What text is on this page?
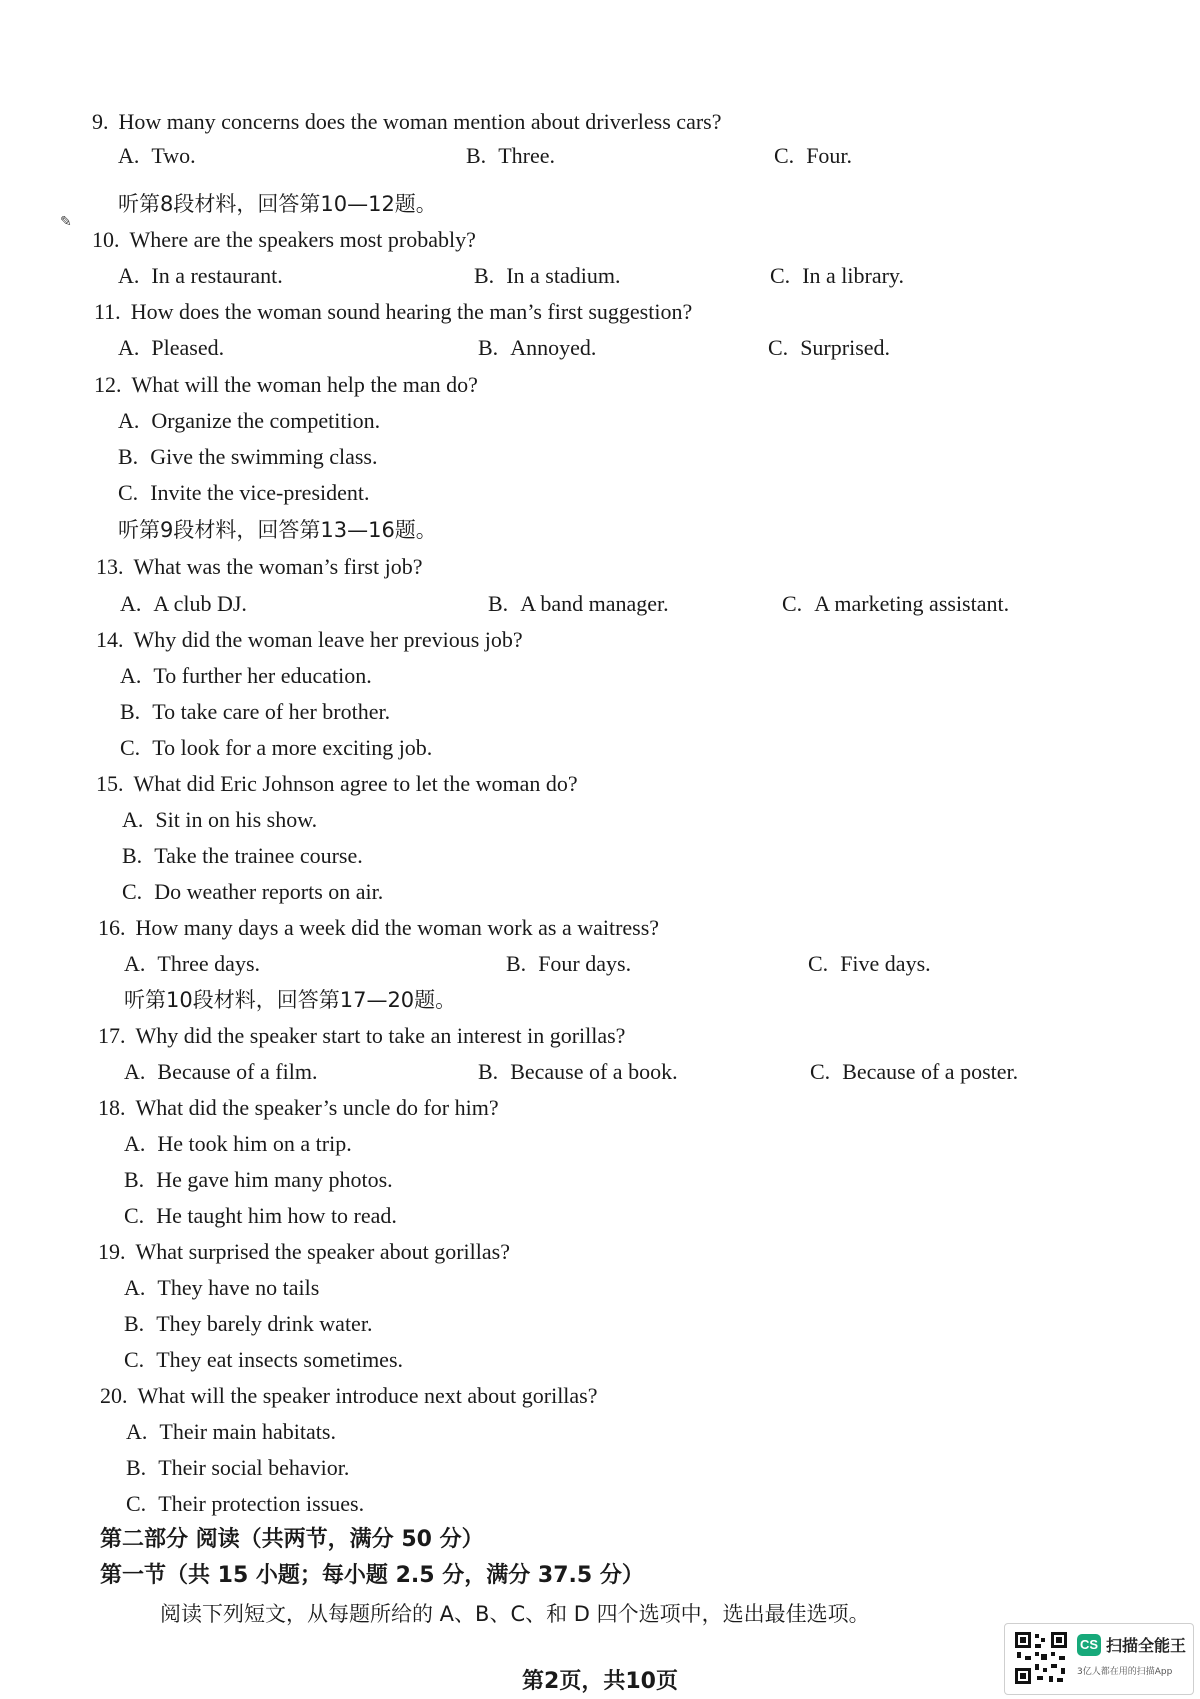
✎
9. How many concerns does the woman mention about driverless cars?
A. Two.	B. Three.	C. Four.
听第8段材料，回答第10—12题。
10. Where are the speakers most probably?
A. In a restaurant.	B. In a stadium.	C. In a library.
11. How does the woman sound hearing the man’s first suggestion?
A. Pleased.	B. Annoyed.	C. Surprised.
12. What will the woman help the man do?
A. Organize the competition.
B. Give the swimming class.
C. Invite the vice-president.
听第9段材料，回答第13—16题。
13. What was the woman’s first job?
A. A club DJ.	B. A band manager.	C. A marketing assistant.
14. Why did the woman leave her previous job?
A. To further her education.
B. To take care of her brother.
C. To look for a more exciting job.
15. What did Eric Johnson agree to let the woman do?
A. Sit in on his show.
B. Take the trainee course.
C. Do weather reports on air.
16. How many days a week did the woman work as a waitress?
A. Three days.	B. Four days.	C. Five days.
听第10段材料，回答第17—20题。
17. Why did the speaker start to take an interest in gorillas?
A. Because of a film.	B. Because of a book.	C. Because of a poster.
18. What did the speaker’s uncle do for him?
A. He took him on a trip.
B. He gave him many photos.
C. He taught him how to read.
19. What surprised the speaker about gorillas?
A. They have no tails
B. They barely drink water.
C. They eat insects sometimes.
20. What will the speaker introduce next about gorillas?
A. Their main habitats.
B. Their social behavior.
C. Their protection issues.
第二部分 阅读（共两节，满分 50 分）
第一节（共 15 小题；每小题 2.5 分，满分 37.5 分）
阅读下列短文，从每题所给的 A、B、C、和 D 四个选项中，选出最佳选项。
第2页，共10页
CS 扫描全能王
3亿人都在用的扫描App
